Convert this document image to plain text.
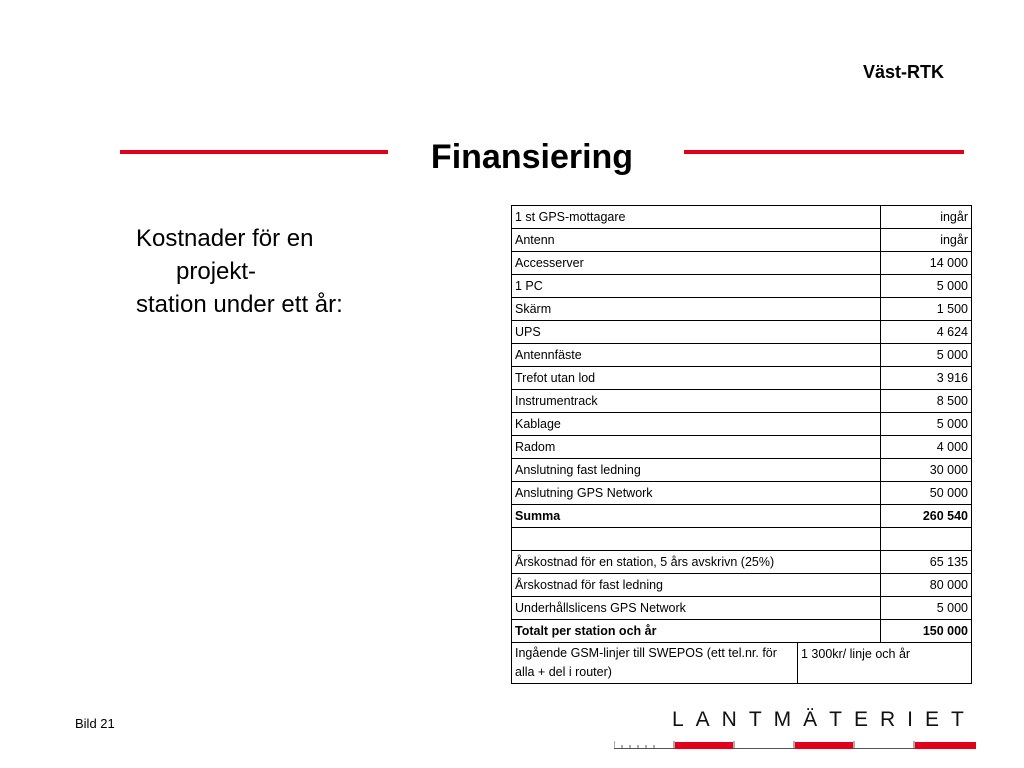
Väst-RTK
Finansiering
Kostnader för en
projekt-
station under ett år:
1 st GPS-mottagare	ingår
Antenn	ingår
Accesserver	14 000
1 PC	5 000
Skärm	1 500
UPS	4 624
Antennfäste	5 000
Trefot utan lod	3 916
Instrumentrack	8 500
Kablage	5 000
Radom	4 000
Anslutning fast ledning	30 000
Anslutning GPS Network	50 000
Summa	260 540

Årskostnad för en station, 5 års avskrivn (25%)	65 135
Årskostnad för fast ledning	80 000
Underhållslicens GPS Network	5 000
Totalt per station och år	150 000

Ingående GSM-linjer till SWEPOS (ett tel.nr. för alla + del i router)	1 300kr/ linje och år
Bild 21	LANTMÄTERIET
